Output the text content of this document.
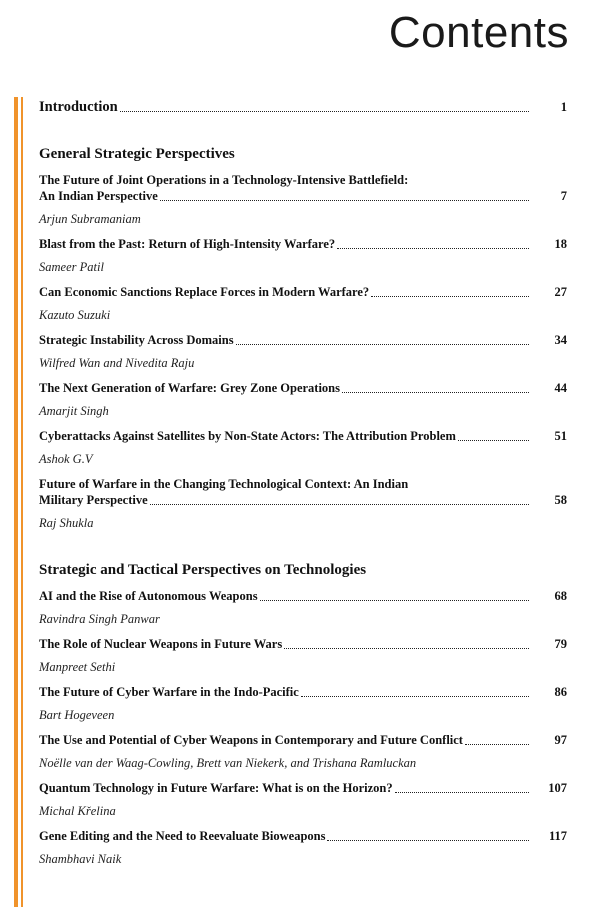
Contents
Introduction	1
General Strategic Perspectives
The Future of Joint Operations in a Technology-Intensive Battlefield:
An Indian Perspective	7
Arjun Subramaniam
Blast from the Past: Return of High-Intensity Warfare?	18
Sameer Patil
Can Economic Sanctions Replace Forces in Modern Warfare?	27
Kazuto Suzuki
Strategic Instability Across Domains	34
Wilfred Wan and Nivedita Raju
The Next Generation of Warfare: Grey Zone Operations	44
Amarjit Singh
Cyberattacks Against Satellites by Non-State Actors: The Attribution Problem	51
Ashok G.V
Future of Warfare in the Changing Technological Context: An Indian
Military Perspective	58
Raj Shukla
Strategic and Tactical Perspectives on Technologies
AI and the Rise of Autonomous Weapons	68
Ravindra Singh Panwar
The Role of Nuclear Weapons in Future Wars	79
Manpreet Sethi
The Future of Cyber Warfare in the Indo-Pacific	86
Bart Hogeveen
The Use and Potential of Cyber Weapons in Contemporary and Future Conflict	97
Noëlle van der Waag-Cowling, Brett van Niekerk, and Trishana Ramluckan
Quantum Technology in Future Warfare: What is on the Horizon?	107
Michal Křelina
Gene Editing and the Need to Reevaluate Bioweapons	117
Shambhavi Naik
